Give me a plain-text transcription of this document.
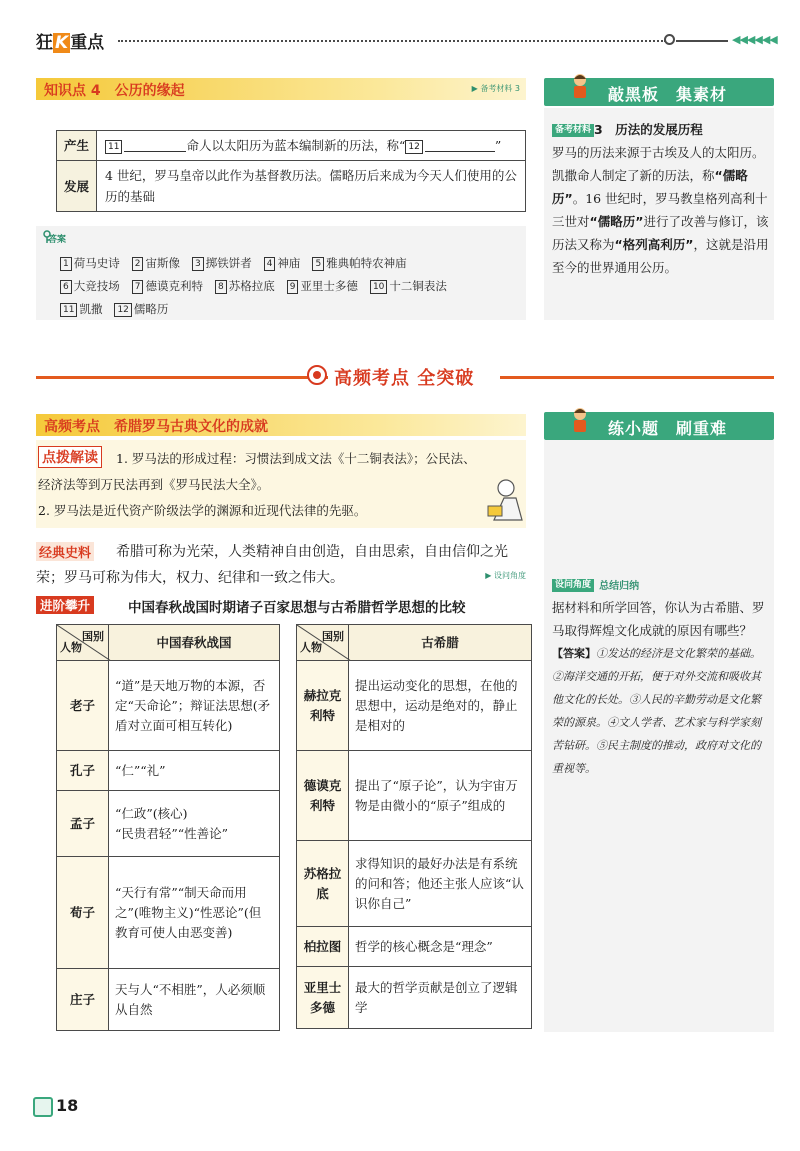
狂 K 重点	◀◀◀◀◀◀
知识点 4　公历的缘起	▶ 备考材料 3
产生	11 命人以太阳历为蓝本编制新的历法，称“ 12 ”
发展	4 世纪，罗马皇帝以此作为基督教历法。儒略历后来成为今天人们使用的公历的基础
答案
1 荷马史诗 2 宙斯像 3 掷铁饼者 4 神庙 5 雅典帕特农神庙
6 大竞技场 7 德谟克利特 8 苏格拉底 9 亚里士多德 10 十二铜表法
11 凯撒 12 儒略历
敲黑板　集素材
备考材料 3　 历法的发展历程
罗马的历法来源于古埃及人的太阳历。凯撒命人制定了新的历法，称“儒略历”。16 世纪时，罗马教皇格列高利十三世对“儒略历”进行了改善与修订，该历法又称为“格列高利历”，这就是沿用至今的世界通用公历。
高频考点 全突破
高频考点　希腊罗马古典文化的成就

1. 罗马法的形成过程：习惯法到成文法《十二铜表法》；公民法、经济法等到万民法再到《罗马民法大全》。

2. 罗马法是近代资产阶级法学的渊源和近现代法律的先驱。

点拨解读
希腊可称为光荣，人类精神自由创造，自由思索，自由信仰之光荣；罗马可称为伟大，权力、纪律和一致之伟大。	▶ 设问角度
经典史料
进阶攀升	中国春秋战国时期诸子百家思想与古希腊哲学思想的比较
国别
人物	中国春秋战国
老子	“道”是天地万物的本源，否定“天命论”；辩证法思想(矛盾对立面可相互转化)
孔子	“仁”“礼”
孟子	“仁政”(核心)
“民贵君轻”“性善论”
荀子	“天行有常”“制天命而用之”(唯物主义)“性恶论”(但教育可使人由恶变善)
庄子	天与人“不相胜”，人必须顺从自然
国别
人物	古希腊
赫拉克利特	提出运动变化的思想，在他的思想中，运动是绝对的，静止是相对的
德谟克利特	提出了“原子论”，认为宇宙万物是由微小的“原子”组成的
苏格拉底	求得知识的最好办法是有系统的问和答；他还主张人应该“认识你自己”
柏拉图	哲学的核心概念是“理念”
亚里士多德	最大的哲学贡献是创立了逻辑学
练小题　刷重难
设问角度 总结归纳
据材料和所学回答，你认为古希腊、罗马取得辉煌文化成就的原因有哪些？
【答案】①发达的经济是文化繁荣的基础。②海洋交通的开拓，便于对外交流和吸收其他文化的长处。③人民的辛勤劳动是文化繁荣的源泉。④文人学者、艺术家与科学家刻苦钻研。⑤民主制度的推动，政府对文化的重视等。
18
